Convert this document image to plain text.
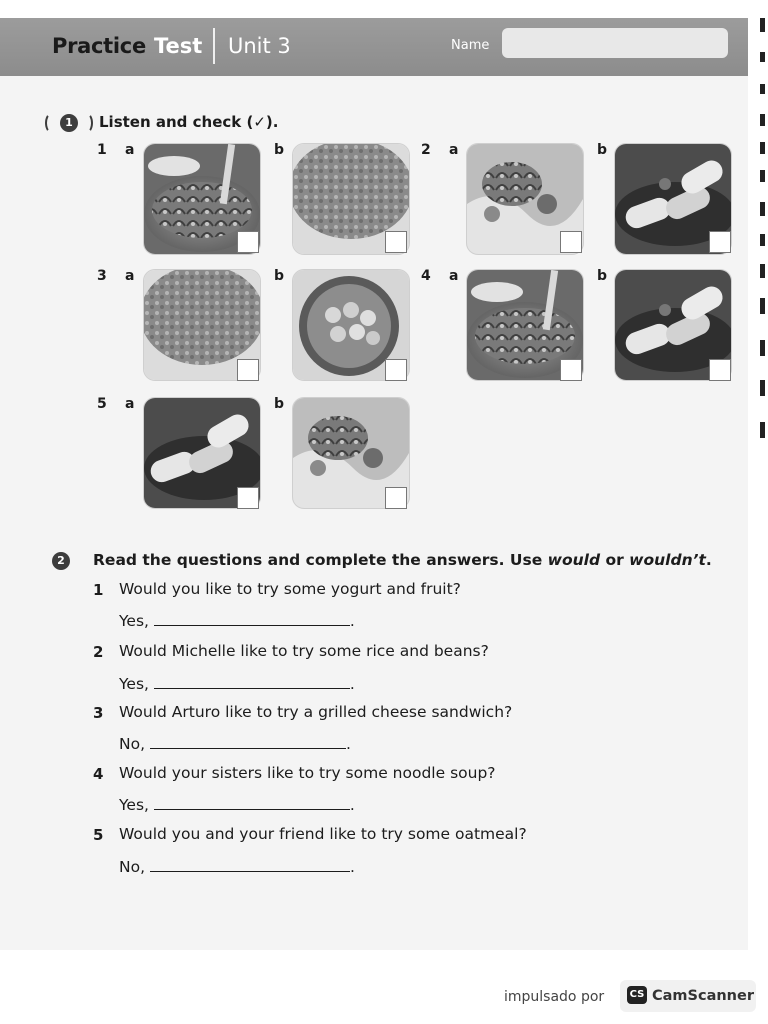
Practice Test Unit 3	Name
1	Listen and check (✓).
1 a	b	2 a	b
3 a	b	4 a	b
5 a	b
2	Read the questions and complete the answers. Use would or wouldn’t.
1 Would you like to try some yogurt and fruit?
Yes,	.
2 Would Michelle like to try some rice and beans?
Yes,	.
3 Would Arturo like to try a grilled cheese sandwich?
No,	.
4 Would your sisters like to try some noodle soup?
Yes,	.
5 Would you and your friend like to try some oatmeal?
No,	.
impulsado por	CS CamScanner
